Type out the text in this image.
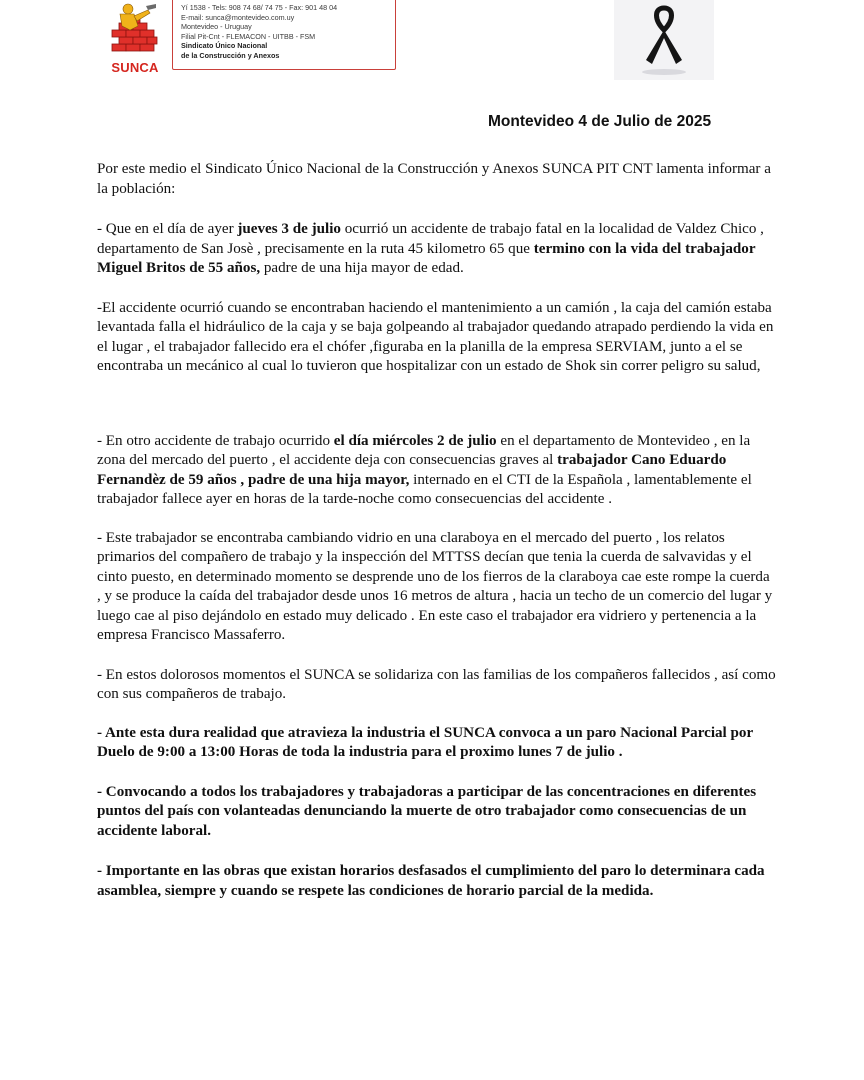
SUNCA
Yí 1538 - Tels: 908 74 68/ 74 75 - Fax: 901 48 04
E-mail: sunca@montevideo.com.uy
Montevideo - Uruguay
Filial Pit-Cnt - FLEMACON - UITBB - FSM
Sindicato Único Nacional
de la Construcción y Anexos
Montevideo 4 de Julio de 2025

Por este medio el Sindicato Único Nacional de la Construcción y Anexos SUNCA PIT CNT lamenta informar a la población:

- Que en el día de ayer jueves 3 de julio ocurrió un accidente de trabajo fatal en la localidad de Valdez Chico , departamento de San Josè , precisamente en la ruta 45 kilometro 65 que termino con la vida del trabajador Miguel Britos de 55 años, padre de una hija mayor de edad.

-El accidente ocurrió cuando se encontraban haciendo el mantenimiento a un camión , la caja del camión estaba levantada falla el hidráulico de la caja y se baja golpeando al trabajador quedando atrapado perdiendo la vida en el lugar , el trabajador fallecido era el chófer ,figuraba en la planilla de la empresa SERVIAM, junto a el se encontraba un mecánico al cual lo tuvieron que hospitalizar con un estado de Shok sin correr peligro su salud,

- En otro accidente de trabajo ocurrido el día miércoles 2 de julio en el departamento de Montevideo , en la zona del mercado del puerto , el accidente deja con consecuencias graves al trabajador Cano Eduardo Fernandèz de 59 años , padre de una hija mayor, internado en el CTI de la Española , lamentablemente el trabajador fallece ayer en horas de la tarde-noche como consecuencias del accidente .

- Este trabajador se encontraba cambiando vidrio en una claraboya en el mercado del puerto , los relatos primarios del compañero de trabajo y la inspección del MTTSS decían que tenia la cuerda de salvavidas y el cinto puesto, en determinado momento se desprende uno de los fierros de la claraboya cae este rompe la cuerda , y se produce la caída del trabajador desde unos 16 metros de altura , hacia un techo de un comercio del lugar y luego cae al piso dejándolo en estado muy delicado . En este caso el trabajador era vidriero y pertenencia a la empresa Francisco Massaferro.

- En estos dolorosos momentos el SUNCA se solidariza con las familias de los compañeros fallecidos , así como con sus compañeros de trabajo.

- Ante esta dura realidad que atravieza la industria el SUNCA convoca a un paro Nacional Parcial por Duelo de 9:00 a 13:00 Horas de toda la industria para el proximo lunes 7 de julio .

- Convocando a todos los trabajadores y trabajadoras a participar de las concentraciones en diferentes puntos del país con volanteadas denunciando la muerte de otro trabajador como consecuencias de un accidente laboral.

- Importante en las obras que existan horarios desfasados el cumplimiento del paro lo determinara cada asamblea, siempre y cuando se respete las condiciones de horario parcial de la medida.
